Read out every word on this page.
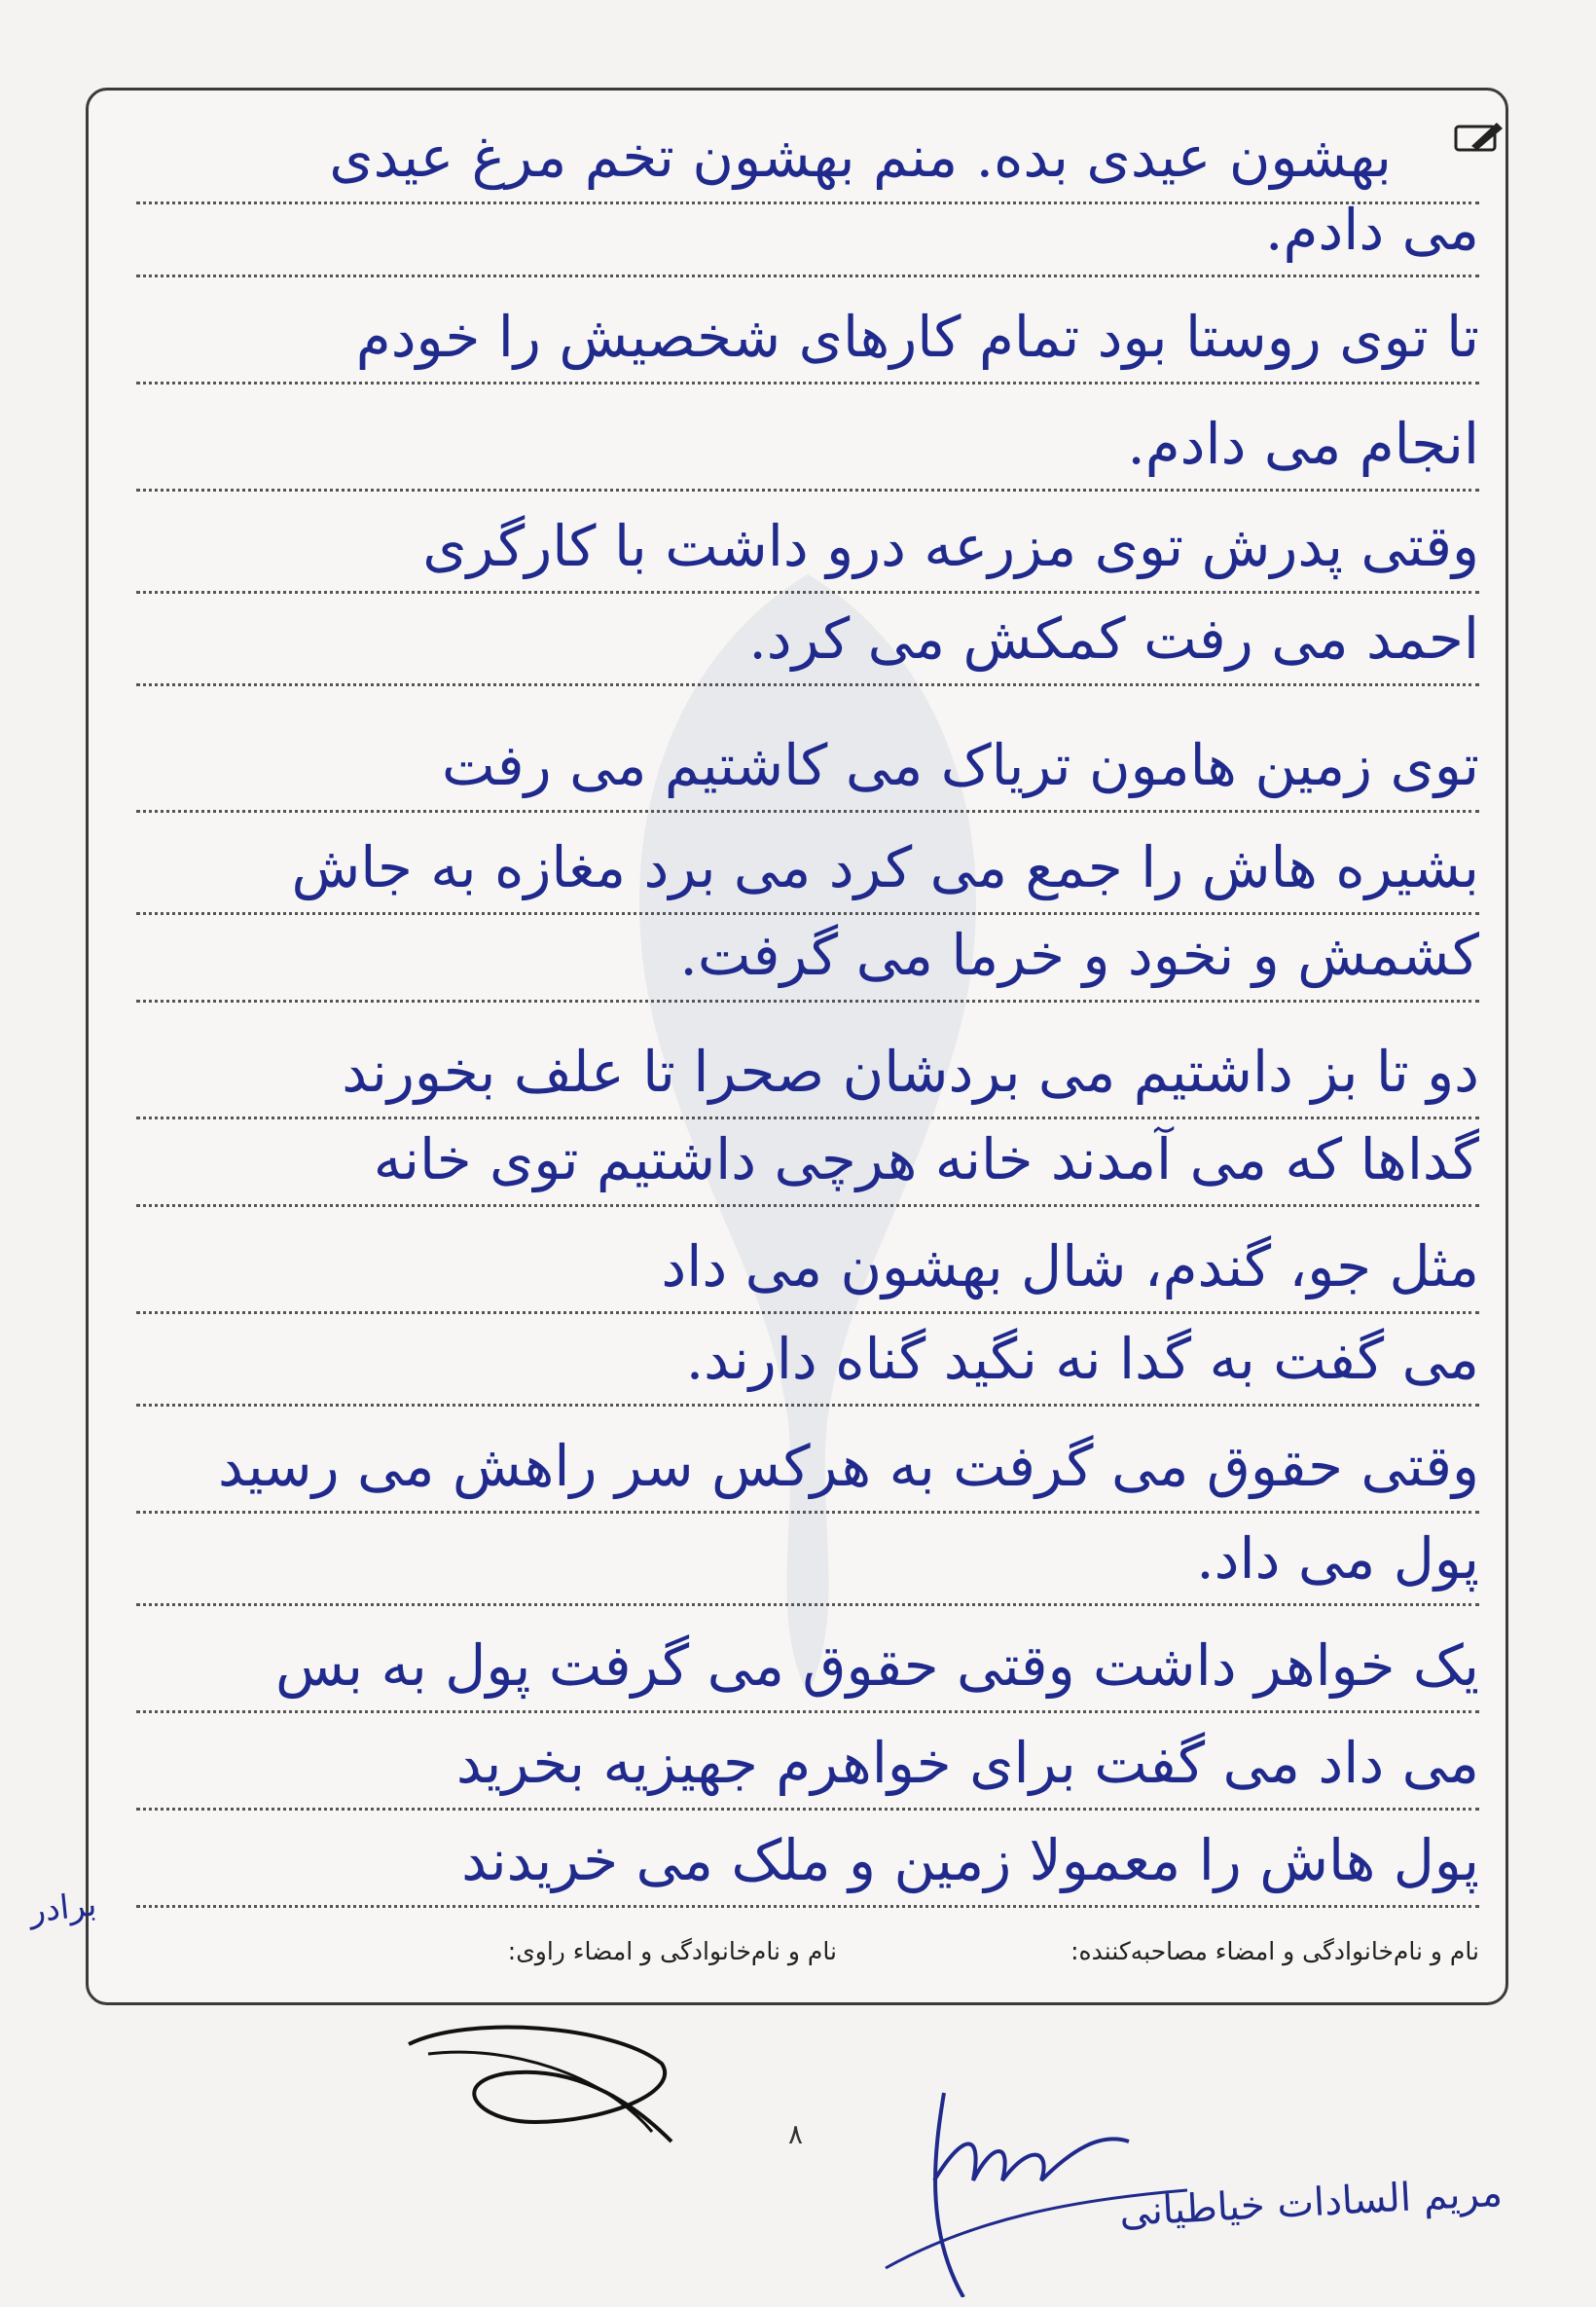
بهشون عیدی بده. منم بهشون تخم مرغ عیدی
می دادم.
تا توی روستا بود تمام کارهای شخصیش را خودم
انجام می دادم.
وقتی پدرش توی مزرعه درو داشت با کارگری
احمد می رفت کمکش می کرد.
توی زمین هامون تریاک می کاشتیم می رفت
بشیره هاش را جمع می کرد می برد مغازه به جاش
کشمش و نخود و خرما می گرفت.
دو تا بز داشتیم می بردشان صحرا تا علف بخورند
گداها که می آمدند خانه هرچی داشتیم توی خانه
مثل جو، گندم، شال بهشون می داد
می گفت به گدا نه نگید گناه دارند.
وقتی حقوق می گرفت به هرکس سر راهش می رسید
پول می داد.
یک خواهر داشت وقتی حقوق می گرفت پول به بس
می داد می گفت برای خواهرم جهیزیه بخرید
پول هاش را معمولا زمین و ملک می خریدند
برادر
نام و نام‌خانوادگی و امضاء مصاحبه‌کننده:
نام و نام‌خانوادگی و امضاء راوی:
۸
مریم السادات خیاطیانی
